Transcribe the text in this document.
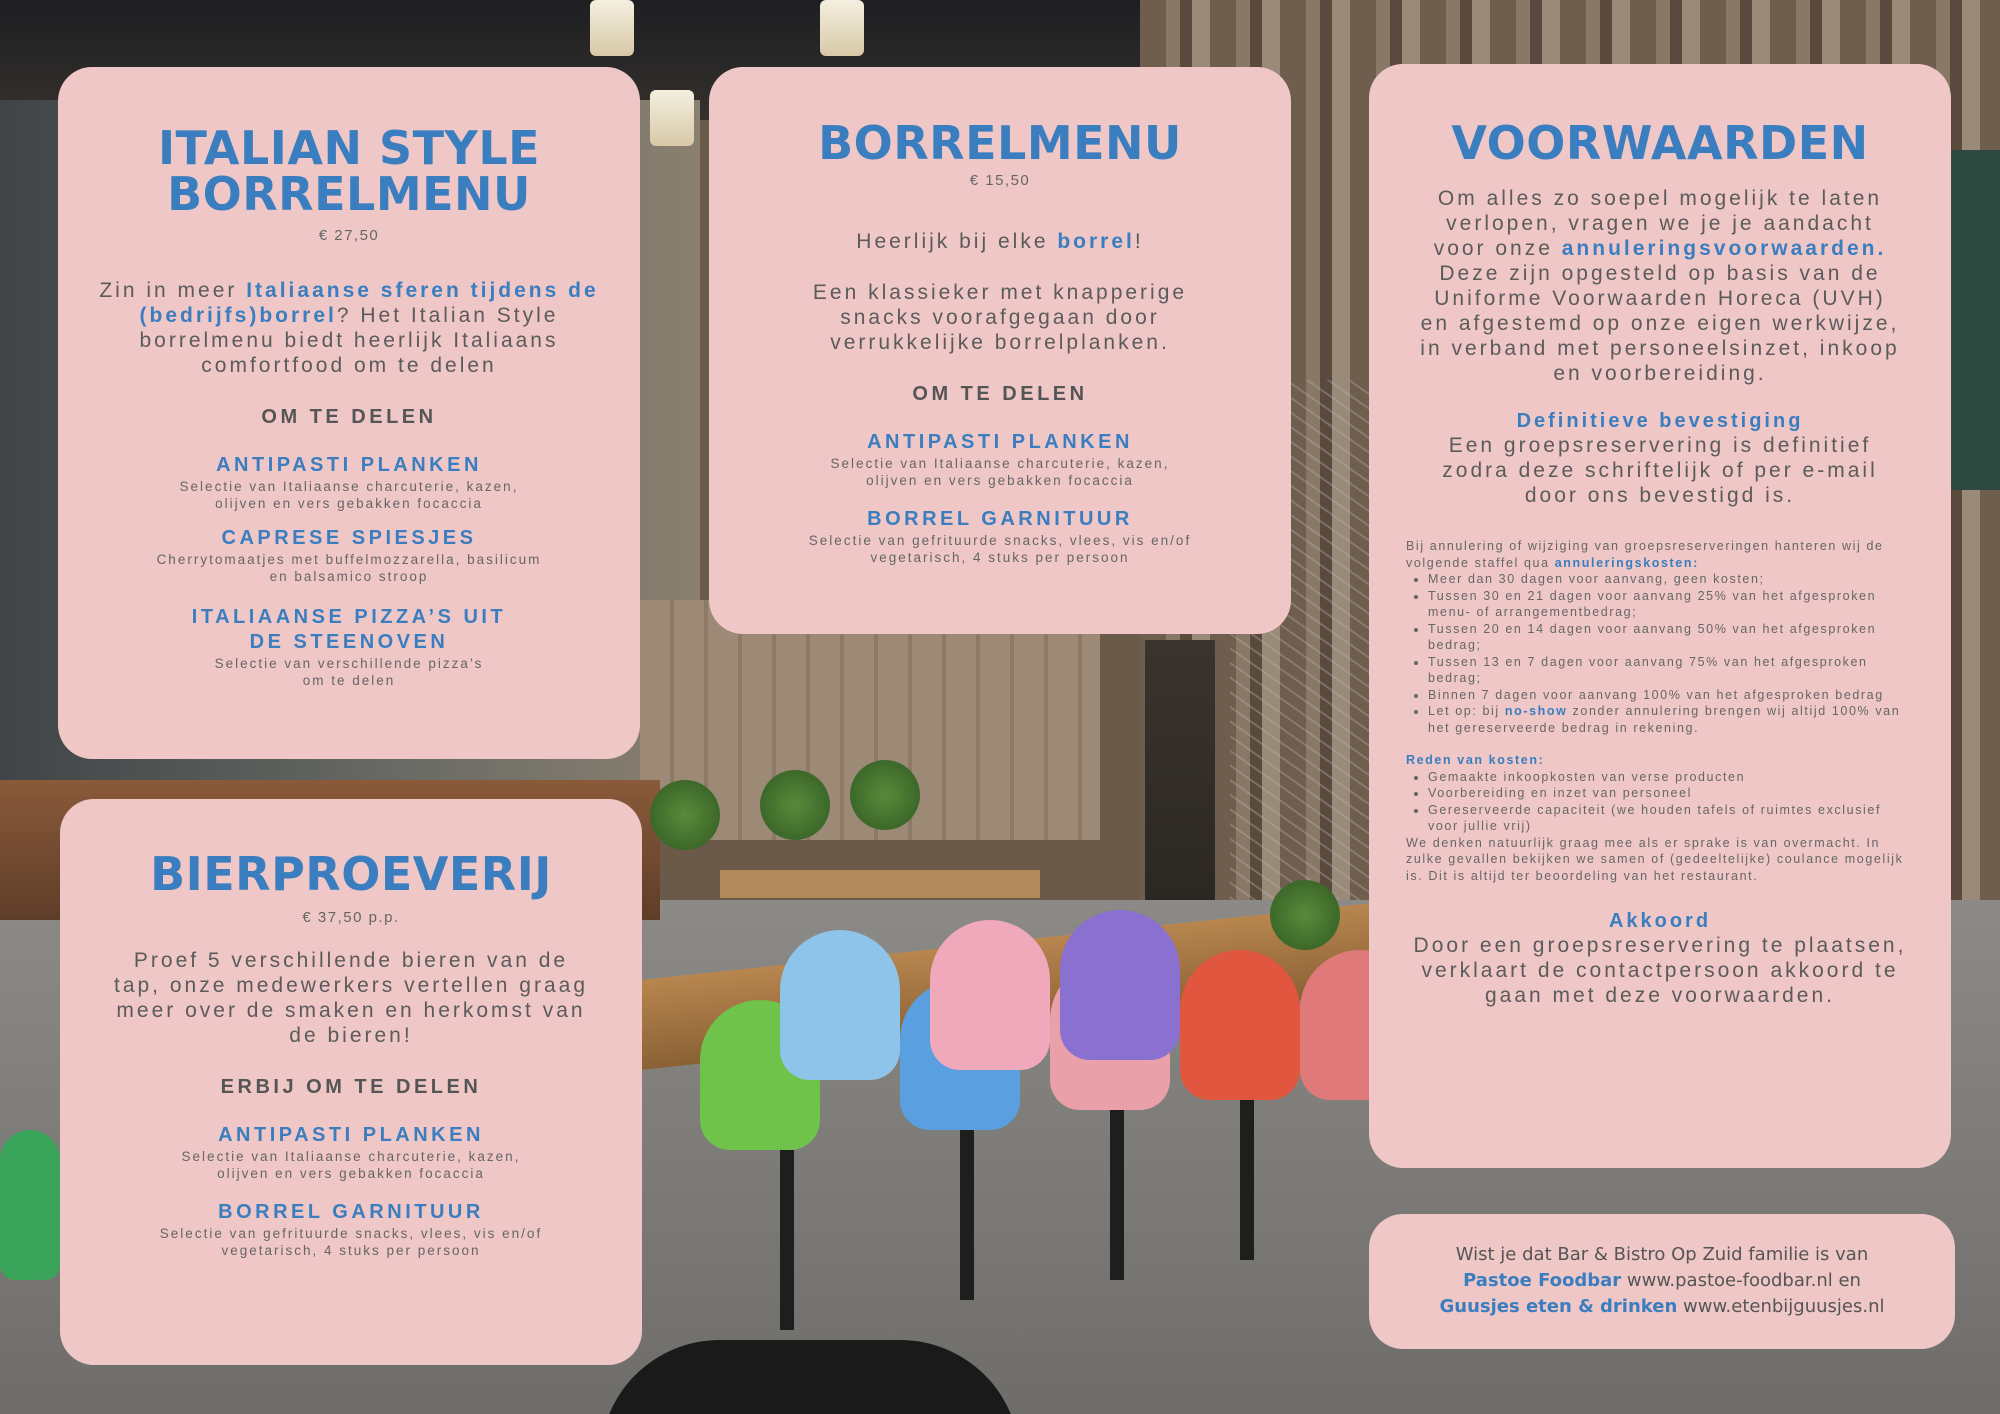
ITALIAN STYLE
BORRELMENU
€ 27,50
Zin in meer Italiaanse sferen tijdens de (bedrijfs)borrel? Het Italian Style borrelmenu biedt heerlijk Italiaans comfortfood om te delen
OM TE DELEN
ANTIPASTI PLANKEN
Selectie van Italiaanse charcuterie, kazen,
olijven en vers gebakken focaccia
CAPRESE SPIESJES
Cherrytomaatjes met buffelmozzarella, basilicum
en balsamico stroop
ITALIAANSE PIZZA’S UIT
DE STEENOVEN
Selectie van verschillende pizza’s
om te delen
BORRELMENU
€ 15,50
Heerlijk bij elke borrel!
Een klassieker met knapperige snacks voorafgegaan door verrukkelijke borrelplanken.
OM TE DELEN
ANTIPASTI PLANKEN
Selectie van Italiaanse charcuterie, kazen,
olijven en vers gebakken focaccia
BORREL GARNITUUR
Selectie van gefrituurde snacks, vlees, vis en/of
vegetarisch, 4 stuks per persoon
BIERPROEVERIJ
€ 37,50 p.p.
Proef 5 verschillende bieren van de tap, onze medewerkers vertellen graag meer over de smaken en herkomst van de bieren!
ERBIJ OM TE DELEN
ANTIPASTI PLANKEN
Selectie van Italiaanse charcuterie, kazen,
olijven en vers gebakken focaccia
BORREL GARNITUUR
Selectie van gefrituurde snacks, vlees, vis en/of
vegetarisch, 4 stuks per persoon
VOORWAARDEN
Om alles zo soepel mogelijk te laten verlopen, vragen we je je aandacht voor onze annuleringsvoorwaarden. Deze zijn opgesteld op basis van de Uniforme Voorwaarden Horeca (UVH) en afgestemd op onze eigen werkwijze, in verband met personeelsinzet, inkoop en voorbereiding.
Definitieve bevestiging
Een groepsreservering is definitief zodra deze schriftelijk of per e-mail door ons bevestigd is.
Bij annulering of wijziging van groepsreserveringen hanteren wij de volgende staffel qua annuleringskosten:
• Meer dan 30 dagen voor aanvang, geen kosten;
• Tussen 30 en 21 dagen voor aanvang 25% van het afgesproken menu- of arrangementbedrag;
• Tussen 20 en 14 dagen voor aanvang 50% van het afgesproken bedrag;
• Tussen 13 en 7 dagen voor aanvang 75% van het afgesproken bedrag;
• Binnen 7 dagen voor aanvang 100% van het afgesproken bedrag
• Let op: bij no-show zonder annulering brengen wij altijd 100% van het gereserveerde bedrag in rekening.
Reden van kosten:
• Gemaakte inkoopkosten van verse producten
• Voorbereiding en inzet van personeel
• Gereserveerde capaciteit (we houden tafels of ruimtes exclusief voor jullie vrij)
We denken natuurlijk graag mee als er sprake is van overmacht. In zulke gevallen bekijken we samen of (gedeeltelijke) coulance mogelijk is. Dit is altijd ter beoordeling van het restaurant.
Akkoord
Door een groepsreservering te plaatsen, verklaart de contactpersoon akkoord te gaan met deze voorwaarden.
Wist je dat Bar & Bistro Op Zuid familie is van
Pastoe Foodbar www.pastoe-foodbar.nl en
Guusjes eten & drinken www.etenbijguusjes.nl
